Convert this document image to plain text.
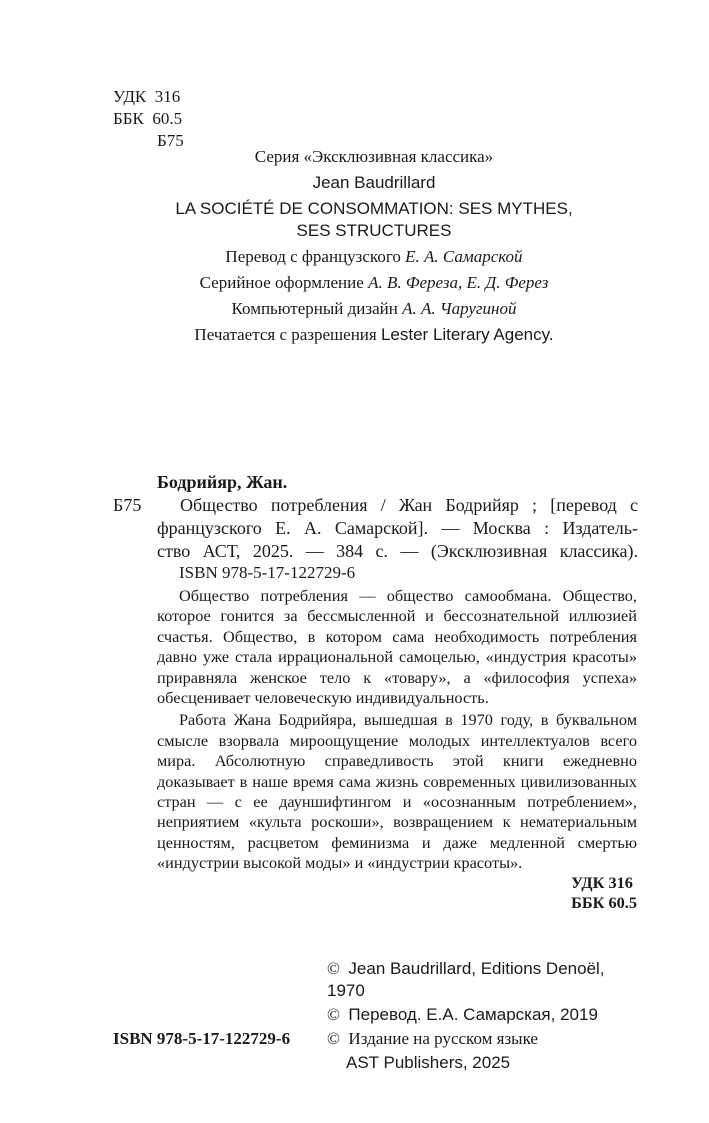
УДК 316
ББК 60.5
Б75
Серия «Эксклюзивная классика»
Jean Baudrillard
LA SOCIÉTÉ DE CONSOMMATION: SES MYTHES,
SES STRUCTURES
Перевод с французского Е. А. Самарской
Серийное оформление А. В. Фереза, Е. Д. Ферез
Компьютерный дизайн А. А. Чаругиной
Печатается с разрешения Lester Literary Agency.
Бодрийяр, Жан.
Б75 Общество потребления / Жан Бодрийяр ; [перевод с
французского Е. А. Самарской]. — Москва : Издатель-
ство АСТ, 2025. — 384 с. — (Эксклюзивная классика).
ISBN 978-5-17-122729-6

Общество потребления — общество самообмана. Общество, которое гонится за бессмысленной и бессознательной иллюзией счастья. Общество, в котором сама необходимость потребления давно уже стала иррациональной самоцелью, «индустрия красоты» приравняла женское тело к «товару», а «философия успеха» обесценивает человеческую индивидуальность.

Работа Жана Бодрийяра, вышедшая в 1970 году, в буквальном смысле взорвала мироощущение молодых интеллектуалов всего мира. Абсолютную справедливость этой книги ежедневно доказывает в наше время сама жизнь современных цивилизованных стран — с ее дауншифтингом и «осознанным потреблением», неприятием «культа роскоши», возвращением к нематериальным ценностям, расцветом феминизма и даже медленной смертью «индустрии высокой моды» и «индустрии красоты».

УДК 316
ББК 60.5
© Jean Baudrillard, Editions Denoël, 1970
© Перевод. Е.А. Самарская, 2019
© Издание на русском языке
AST Publishers, 2025
ISBN 978-5-17-122729-6
